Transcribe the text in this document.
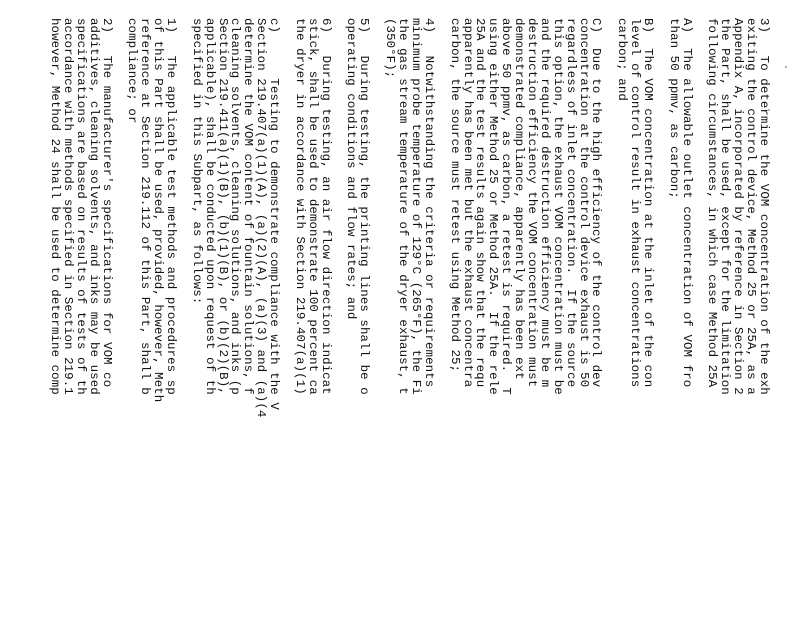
3)   To determine the VOM concentration of the exh
exiting the control device, Method 25 or 25A, as a
Appendix A, incorporated by reference in Section 2
the Part, shall be used, except for the limitation
following circumstances, in which case Method 25A
A)  The allowable outlet concentration of VOM fro
than 50 ppmv, as carbon;
B)  The VOM concentration at the inlet of the con
level of control result in exhaust concentrations
carbon; and
C)  Due to the high efficiency of the control dev
concentration at the control device exhaust is 50
regardless of inlet concentration.  If the source
this option, the exhaust VOM concentration must be
and the required destruction efficiency must be m
destruction efficiency the VOM concentration must
demonstrated compliance, apparently has been ext
above 50 ppmv, as carbon, a retest is required.  T
using either Method 25 or Method 25A.  If the rele
25A and the test results again show that the requ
apparently has been met but the exhaust concentra
carbon, the source must retest using Method 25;
4)   Notwithstanding the criteria or requirements
minimum probe temperature of 129°C (265°F), the Fi
the gas stream temperature of the dryer exhaust, t
(350°F);
5)   During testing, the printing lines shall be o
operating conditions and flow rates; and
6)   During testing, an air flow direction indicat
stick, shall be used to demonstrate 100 percent ca
the dryer in accordance with Section 219.407(a)(1)
c)      Testing to demonstrate compliance with the V
Section 219.407(a)(1)(A), (a)(2)(A), (a)(3) and (a)(4
determine the VOM content of fountain solutions, f
cleaning solvents, cleaning solutions, and inks (p
Section 219.411(a)(1)(B), (b)(1)(B), or (b)(2)(B),
applicable), shall be conducted upon request of th
specified in this Subpart, as follows:
1)   The applicable test methods and procedures sp
of this Part shall be used, provided, however, Meth
reference at Section 219.112 of this Part, shall b
compliance; or
2)   The manufacturer's specifications for VOM co
additives, cleaning solvents, and inks may be used
specifications are based on results of tests of th
accordance with methods specified in Section 219.1
however, Method 24 shall be used to determine comp
